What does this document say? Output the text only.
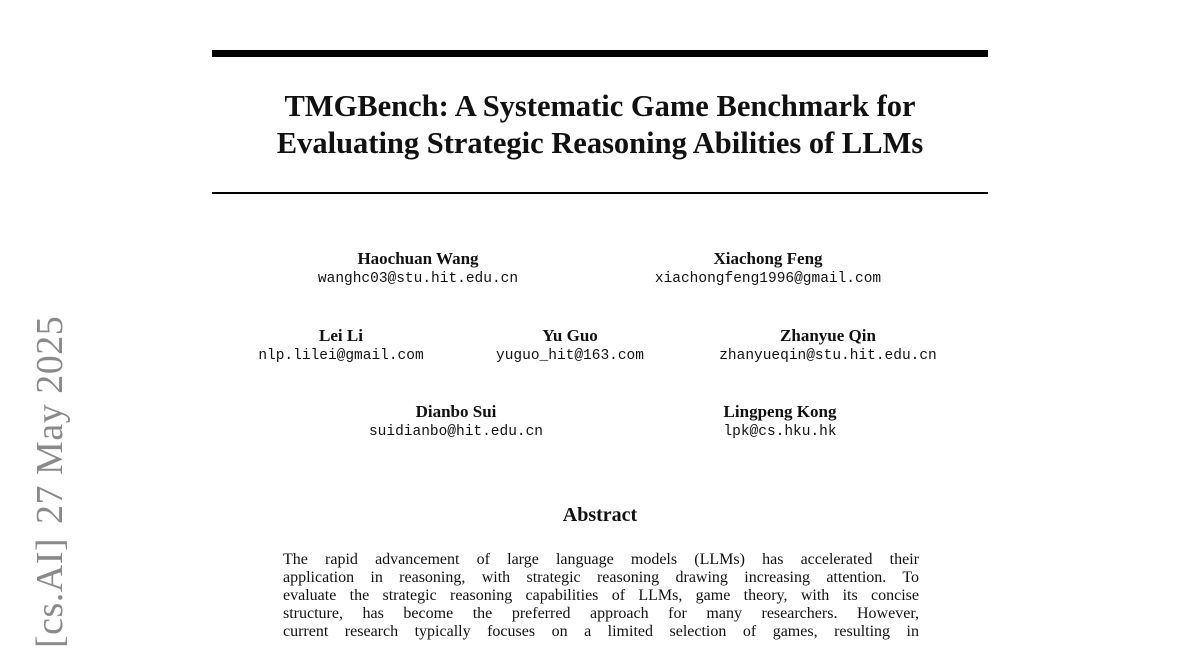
[cs.AI]27 May 2025
TMGBench: A Systematic Game Benchmark for
Evaluating Strategic Reasoning Abilities of LLMs
Haochuan Wang
wanghc03@stu.hit.edu.cn
Xiachong Feng
xiachongfeng1996@gmail.com
Lei Li
nlp.lilei@gmail.com
Yu Guo
yuguo_hit@163.com
Zhanyue Qin
zhanyueqin@stu.hit.edu.cn
Dianbo Sui
suidianbo@hit.edu.cn
Lingpeng Kong
lpk@cs.hku.hk
Abstract
The rapid advancement of large language models (LLMs) has accelerated their
application in reasoning, with strategic reasoning drawing increasing attention. To
evaluate the strategic reasoning capabilities of LLMs, game theory, with its concise
structure, has become the preferred approach for many researchers. However,
current research typically focuses on a limited selection of games, resulting in
